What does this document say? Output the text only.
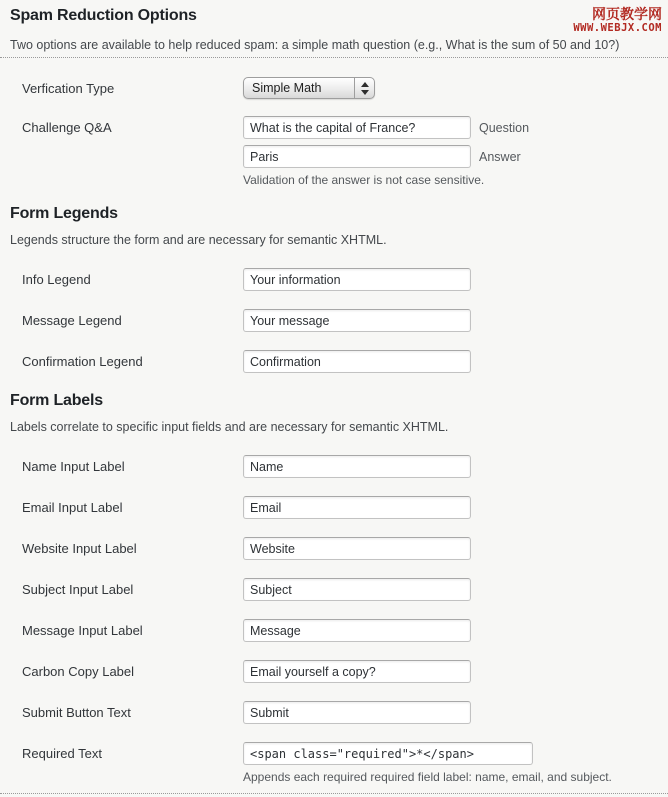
网页教学网
WWW.WEBJX.COM
Spam Reduction Options

Two options are available to help reduced spam: a simple math question (e.g., What is the sum of 50 and 10?)

Verfication Type	Simple Math
Challenge Q&A
What is the capital of France?	Question
Paris
Answer
Validation of the answer is not case sensitive.
Form Legends

Legends structure the form and are necessary for semantic XHTML.

Info Legend
Your information
Message Legend
Your message
Confirmation Legend
Confirmation
Form Labels

Labels correlate to specific input fields and are necessary for semantic XHTML.

Name Input Label
Name
Email Input Label
Email
Website Input Label
Website
Subject Input Label
Subject
Message Input Label
Message
Carbon Copy Label
Email yourself a copy?
Submit Button Text
Submit
Required Text
<span class="required">*</span>
Appends each required required field label: name, email, and subject.
